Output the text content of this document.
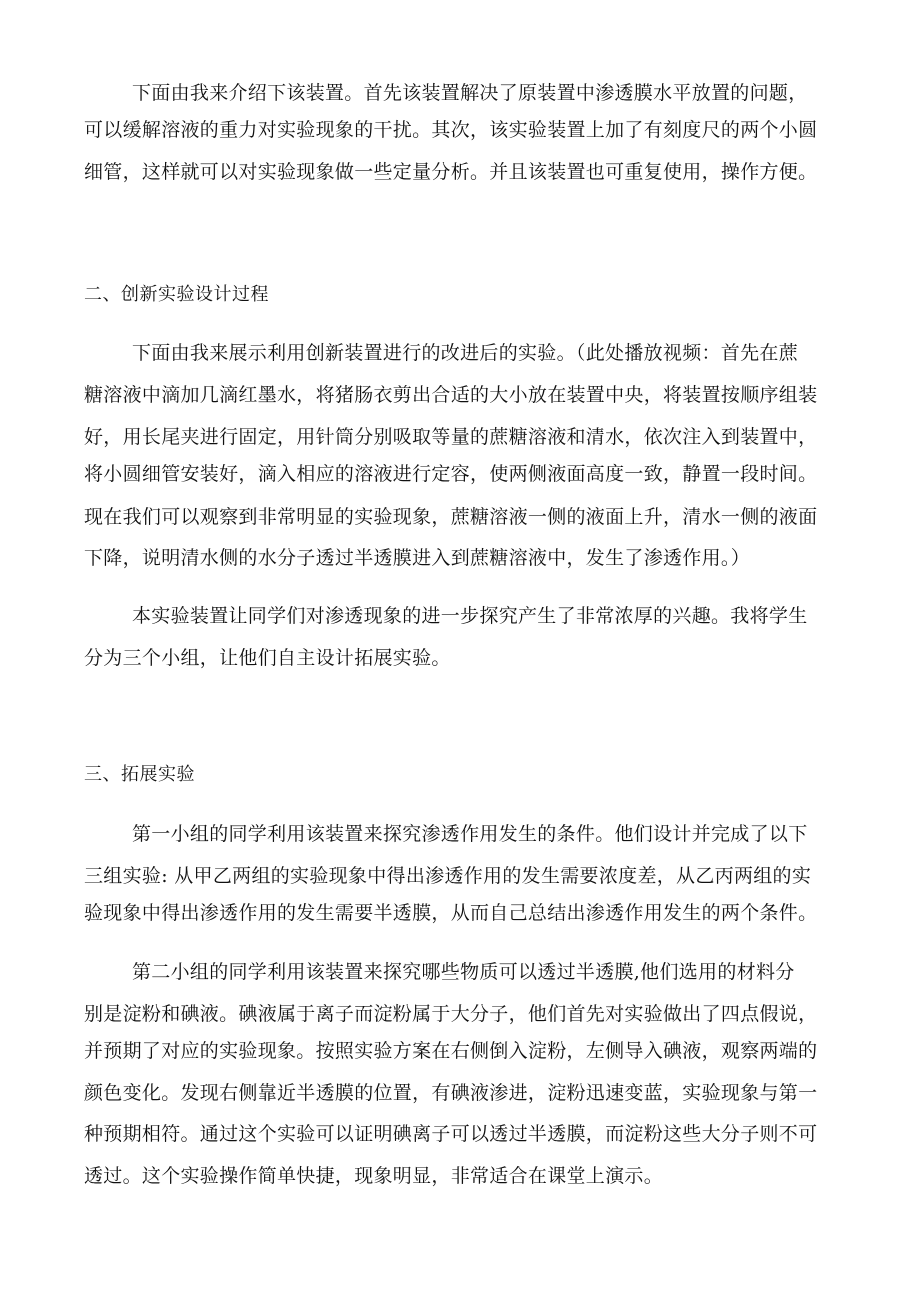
下面由我来介绍下该装置。首先该装置解决了原装置中渗透膜水平放置的问题，
可以缓解溶液的重力对实验现象的干扰。其次，该实验装置上加了有刻度尺的两个小圆
细管，这样就可以对实验现象做一些定量分析。并且该装置也可重复使用，操作方便。
二、创新实验设计过程
下面由我来展示利用创新装置进行的改进后的实验。（此处播放视频：首先在蔗
糖溶液中滴加几滴红墨水，将猪肠衣剪出合适的大小放在装置中央，将装置按顺序组装
好，用长尾夹进行固定，用针筒分别吸取等量的蔗糖溶液和清水，依次注入到装置中，
将小圆细管安装好，滴入相应的溶液进行定容，使两侧液面高度一致，静置一段时间。
现在我们可以观察到非常明显的实验现象，蔗糖溶液一侧的液面上升，清水一侧的液面
下降，说明清水侧的水分子透过半透膜进入到蔗糖溶液中，发生了渗透作用。）
本实验装置让同学们对渗透现象的进一步探究产生了非常浓厚的兴趣。我将学生
分为三个小组，让他们自主设计拓展实验。
三、拓展实验
第一小组的同学利用该装置来探究渗透作用发生的条件。他们设计并完成了以下
三组实验: 从甲乙两组的实验现象中得出渗透作用的发生需要浓度差，从乙丙两组的实
验现象中得出渗透作用的发生需要半透膜，从而自己总结出渗透作用发生的两个条件。
第二小组的同学利用该装置来探究哪些物质可以透过半透膜,他们选用的材料分
别是淀粉和碘液。碘液属于离子而淀粉属于大分子，他们首先对实验做出了四点假说，
并预期了对应的实验现象。按照实验方案在右侧倒入淀粉，左侧导入碘液，观察两端的
颜色变化。发现右侧靠近半透膜的位置，有碘液渗进，淀粉迅速变蓝，实验现象与第一
种预期相符。通过这个实验可以证明碘离子可以透过半透膜，而淀粉这些大分子则不可
透过。这个实验操作简单快捷，现象明显，非常适合在课堂上演示。
